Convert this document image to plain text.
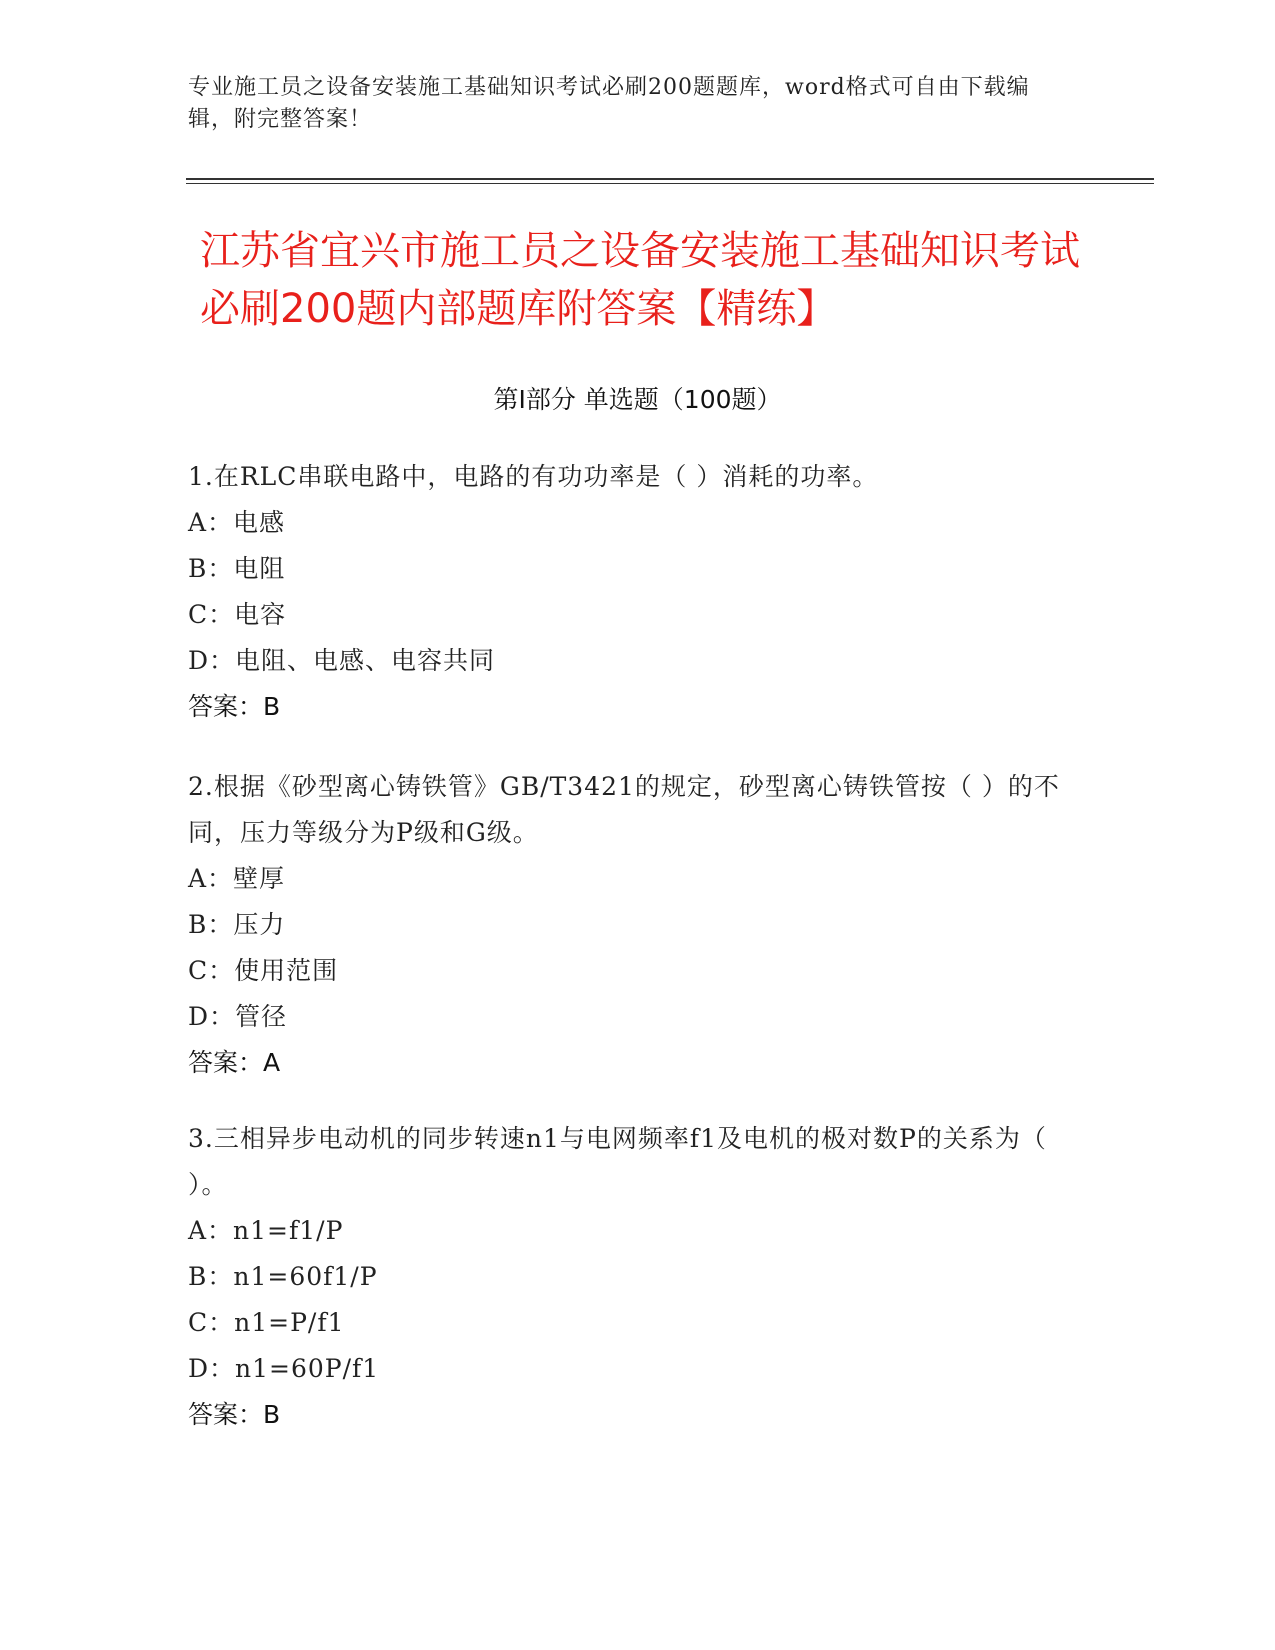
专业施工员之设备安装施工基础知识考试必刷200题题库，word格式可自由下载编辑，附完整答案！
江苏省宜兴市施工员之设备安装施工基础知识考试必刷200题内部题库附答案【精练】
第Ⅰ部分 单选题（100题）

1.在RLC串联电路中，电路的有功功率是（ ）消耗的功率。

A：电感

B：电阻

C：电容

D：电阻、电感、电容共同

答案：B

2.根据《砂型离心铸铁管》GB/T3421的规定，砂型离心铸铁管按（ ）的不同，压力等级分为P级和G级。

A：壁厚

B：压力

C：使用范围

D：管径

答案：A

3.三相异步电动机的同步转速n1与电网频率f1及电机的极对数P的关系为（ ）。

A：n1=f1/P

B：n1=60f1/P

C：n1=P/f1

D：n1=60P/f1

答案：B
